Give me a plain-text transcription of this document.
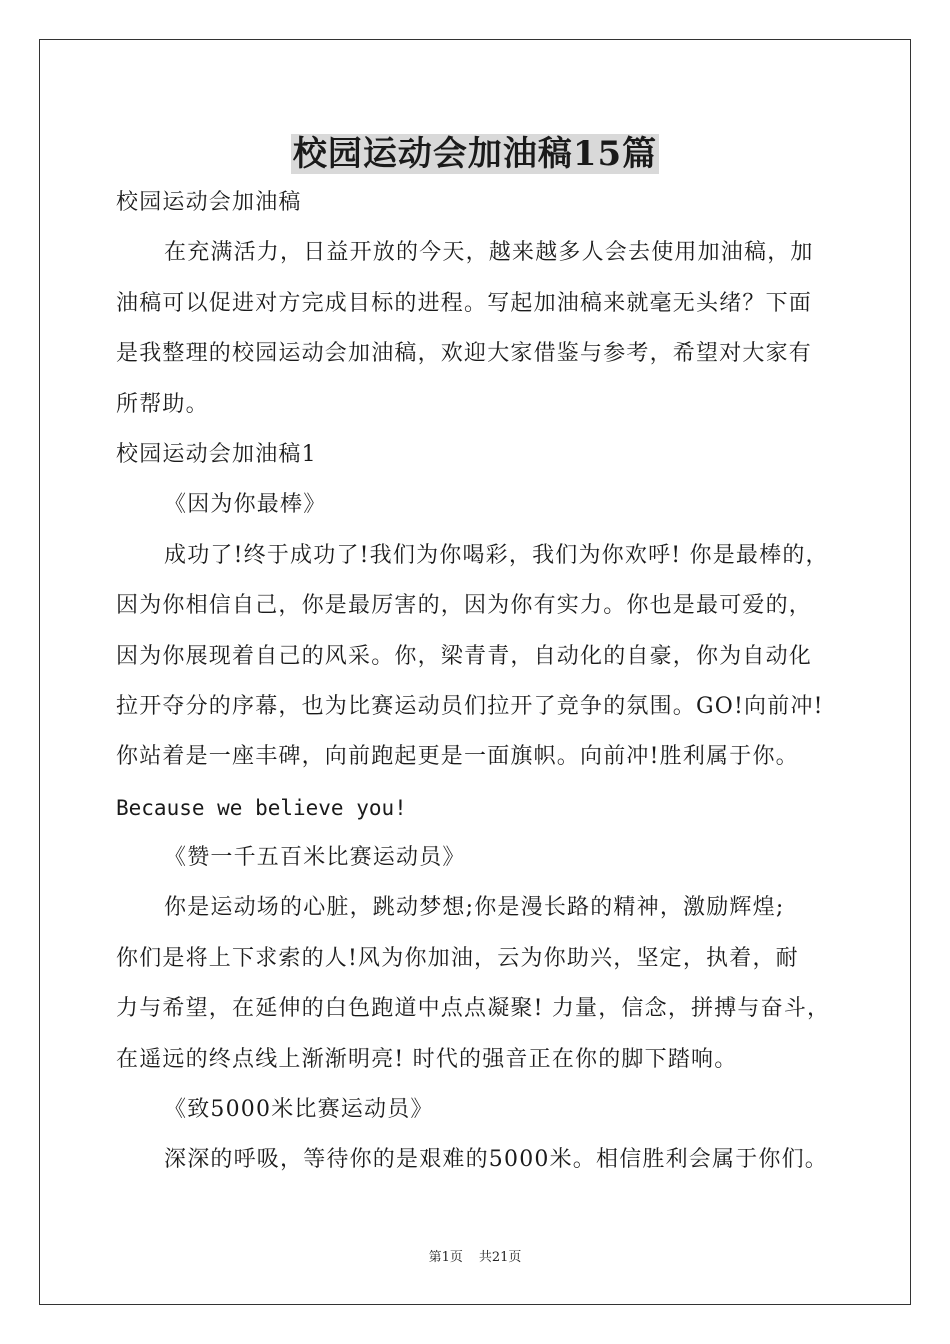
校园运动会加油稿15篇
校园运动会加油稿
在充满活力，日益开放的今天，越来越多人会去使用加油稿，加
油稿可以促进对方完成目标的进程。写起加油稿来就毫无头绪？下面
是我整理的校园运动会加油稿，欢迎大家借鉴与参考，希望对大家有
所帮助。
校园运动会加油稿1
《因为你最棒》
成功了!终于成功了!我们为你喝彩，我们为你欢呼! 你是最棒的，
因为你相信自己，你是最厉害的，因为你有实力。你也是最可爱的，
因为你展现着自己的风采。你，梁青青，自动化的自豪，你为自动化
拉开夺分的序幕，也为比赛运动员们拉开了竞争的氛围。GO!向前冲!
你站着是一座丰碑，向前跑起更是一面旗帜。向前冲!胜利属于你。
Because we believe you!
《赞一千五百米比赛运动员》
你是运动场的心脏，跳动梦想;你是漫长路的精神，激励辉煌;
你们是将上下求索的人!风为你加油，云为你助兴，坚定，执着，耐
力与希望，在延伸的白色跑道中点点凝聚! 力量，信念，拼搏与奋斗，
在遥远的终点线上渐渐明亮! 时代的强音正在你的脚下踏响。
《致5000米比赛运动员》
深深的呼吸，等待你的是艰难的5000米。相信胜利会属于你们。
第1页 共21页
